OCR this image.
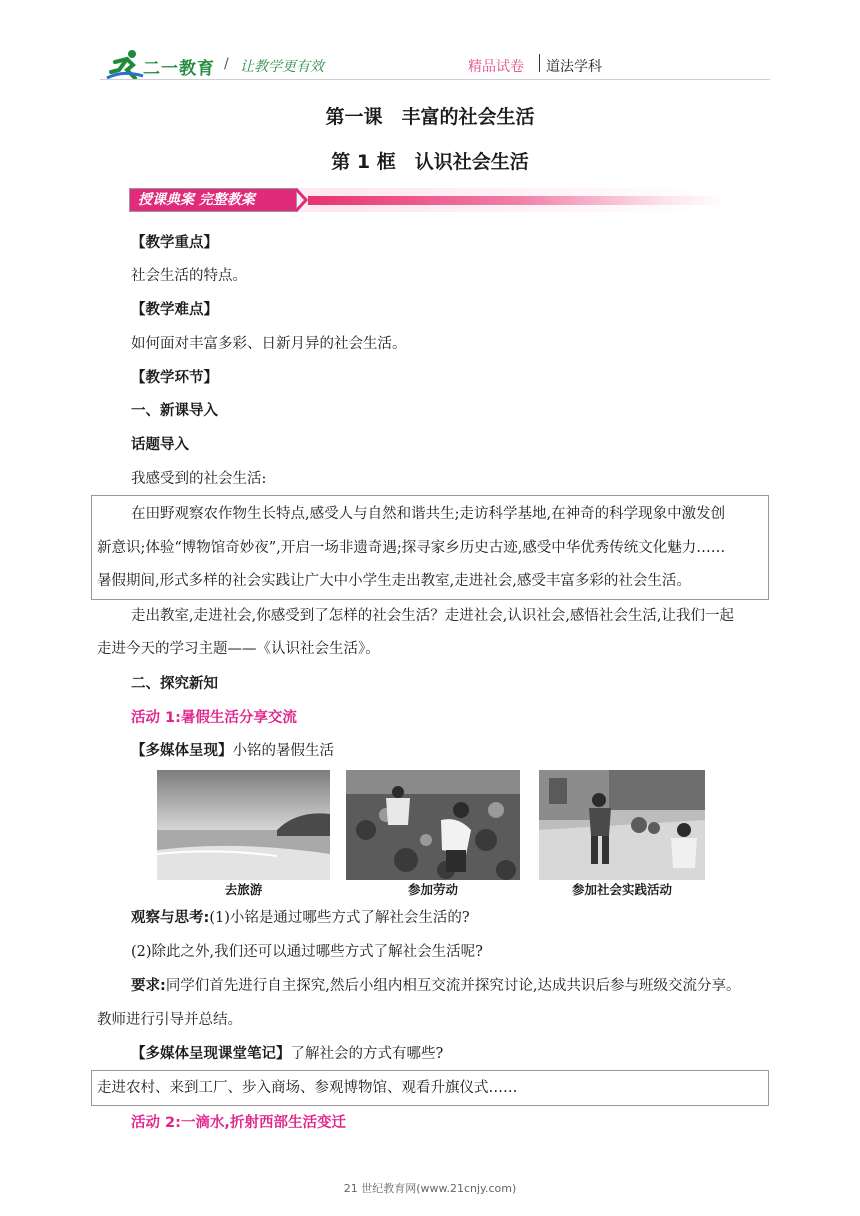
二一教育 / 让教学更有效	精品试卷 道法学科
第一课　丰富的社会生活
第 1 框　认识社会生活
授课典案 完整教案
【教学重点】
社会生活的特点。
【教学难点】
如何面对丰富多彩、日新月异的社会生活。
【教学环节】
一、新课导入
话题导入
我感受到的社会生活:
在田野观察农作物生长特点,感受人与自然和谐共生;走访科学基地,在神奇的科学现象中激发创
新意识;体验“博物馆奇妙夜”,开启一场非遗奇遇;探寻家乡历史古迹,感受中华优秀传统文化魅力……
暑假期间,形式多样的社会实践让广大中小学生走出教室,走进社会,感受丰富多彩的社会生活。
走出教室,走进社会,你感受到了怎样的社会生活？走进社会,认识社会,感悟社会生活,让我们一起
走进今天的学习主题——《认识社会生活》。
二、探究新知
活动 1:暑假生活分享交流
【多媒体呈现】小铭的暑假生活
去旅游	参加劳动	参加社会实践活动
观察与思考:(1)小铭是通过哪些方式了解社会生活的?
(2)除此之外,我们还可以通过哪些方式了解社会生活呢?
要求:同学们首先进行自主探究,然后小组内相互交流并探究讨论,达成共识后参与班级交流分享。
教师进行引导并总结。
【多媒体呈现课堂笔记】了解社会的方式有哪些?
走进农村、来到工厂、步入商场、参观博物馆、观看升旗仪式……
活动 2:一滴水,折射西部生活变迁
21 世纪教育网(www.21cnjy.com)
